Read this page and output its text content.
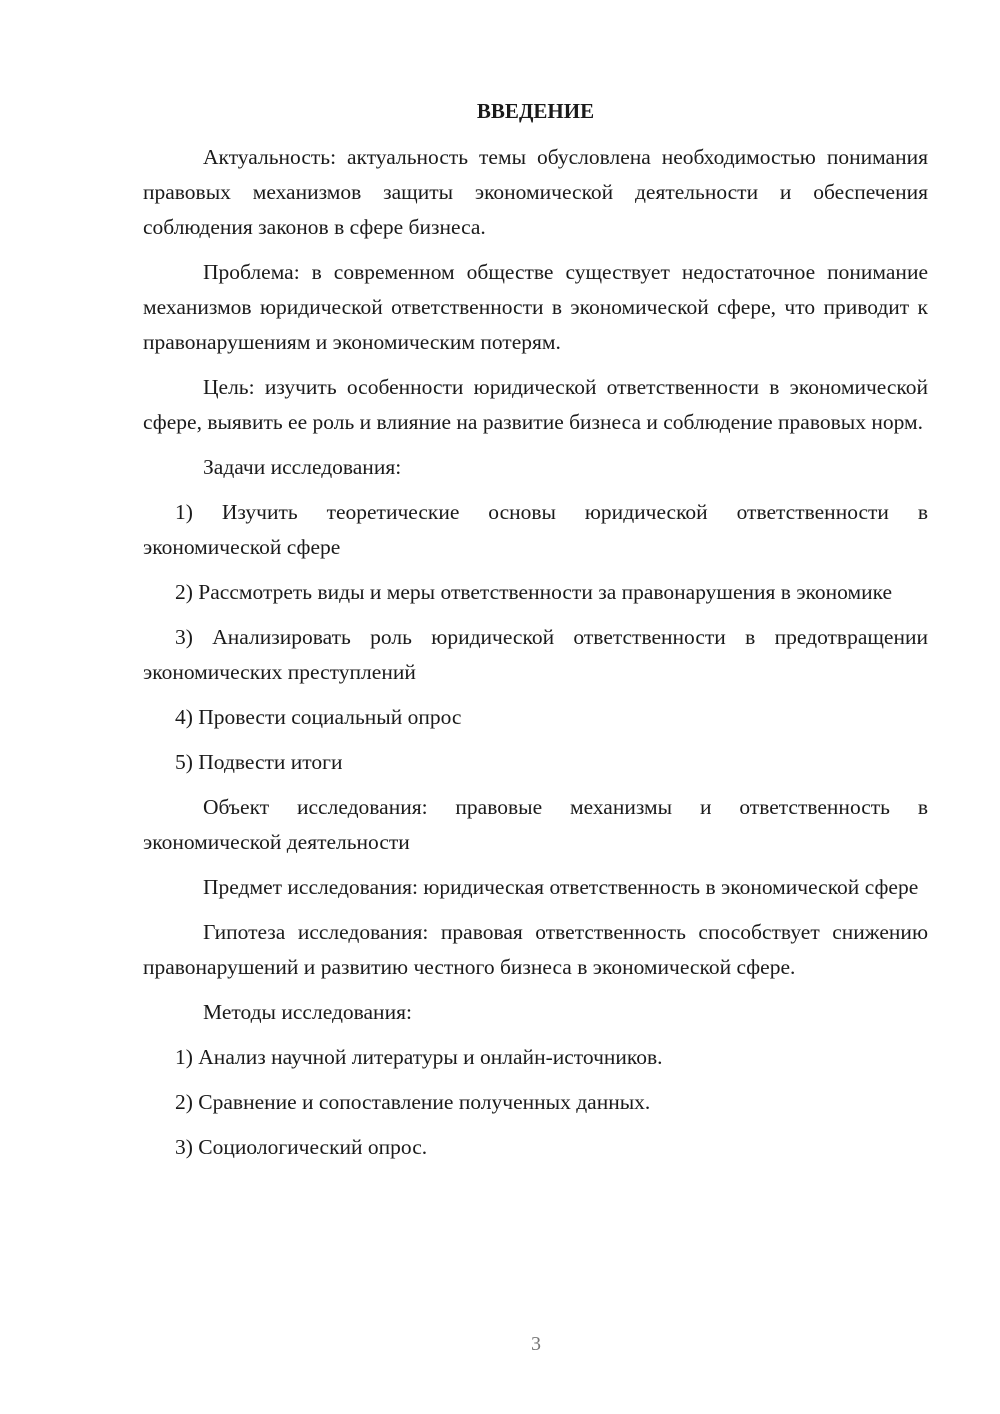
ВВЕДЕНИЕ

Актуальность: актуальность темы обусловлена необходимостью понимания правовых механизмов защиты экономической деятельности и обеспечения соблюдения законов в сфере бизнеса.

Проблема: в современном обществе существует недостаточное понимание механизмов юридической ответственности в экономической сфере, что приводит к правонарушениям и экономическим потерям.

Цель: изучить особенности юридической ответственности в экономической сфере, выявить ее роль и влияние на развитие бизнеса и соблюдение правовых норм.

Задачи исследования:

1) Изучить теоретические основы юридической ответственности в экономической сфере

2) Рассмотреть виды и меры ответственности за правонарушения в экономике

3) Анализировать роль юридической ответственности в предотвращении экономических преступлений

4) Провести социальный опрос

5) Подвести итоги

Объект исследования: правовые механизмы и ответственность в экономической деятельности

Предмет исследования: юридическая ответственность в экономической сфере

Гипотеза исследования: правовая ответственность способствует снижению правонарушений и развитию честного бизнеса в экономической сфере.

Методы исследования:

1) Анализ научной литературы и онлайн-источников.

2) Сравнение и сопоставление полученных данных.

3) Социологический опрос.

3
